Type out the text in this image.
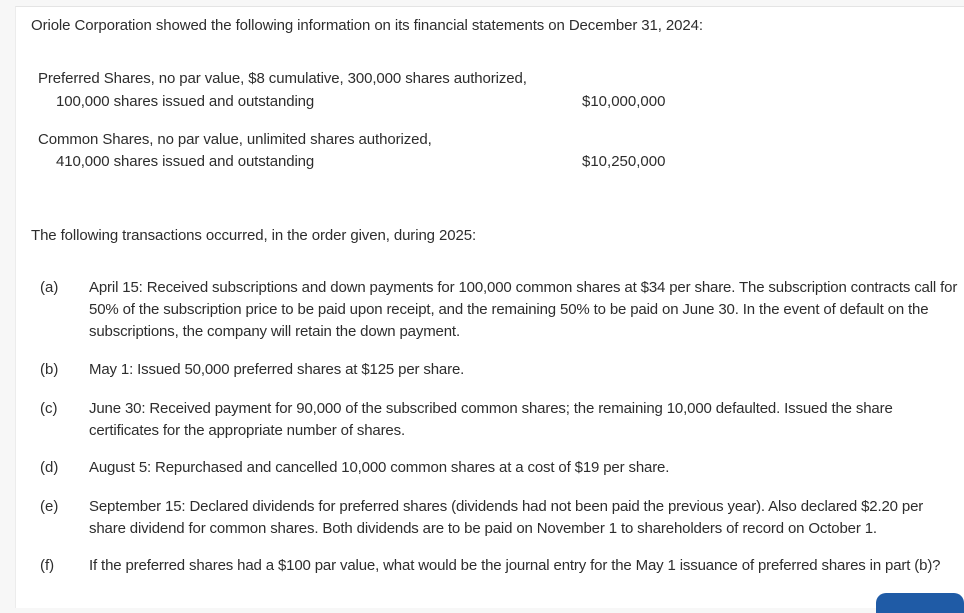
Oriole Corporation showed the following information on its financial statements on December 31, 2024:
Preferred Shares, no par value, $8 cumulative, 300,000 shares authorized,
100,000 shares issued and outstanding	$10,000,000
Common Shares, no par value, unlimited shares authorized,
410,000 shares issued and outstanding	$10,250,000
The following transactions occurred, in the order given, during 2025:
(a) April 15: Received subscriptions and down payments for 100,000 common shares at $34 per share. The subscription contracts call for 50% of the subscription price to be paid upon receipt, and the remaining 50% to be paid on June 30. In the event of default on the subscriptions, the company will retain the down payment.
(b) May 1: Issued 50,000 preferred shares at $125 per share.
(c) June 30: Received payment for 90,000 of the subscribed common shares; the remaining 10,000 defaulted. Issued the share certificates for the appropriate number of shares.
(d) August 5: Repurchased and cancelled 10,000 common shares at a cost of $19 per share.
(e) September 15: Declared dividends for preferred shares (dividends had not been paid the previous year). Also declared $2.20 per share dividend for common shares. Both dividends are to be paid on November 1 to shareholders of record on October 1.
(f) If the preferred shares had a $100 par value, what would be the journal entry for the May 1 issuance of preferred shares in part (b)?
